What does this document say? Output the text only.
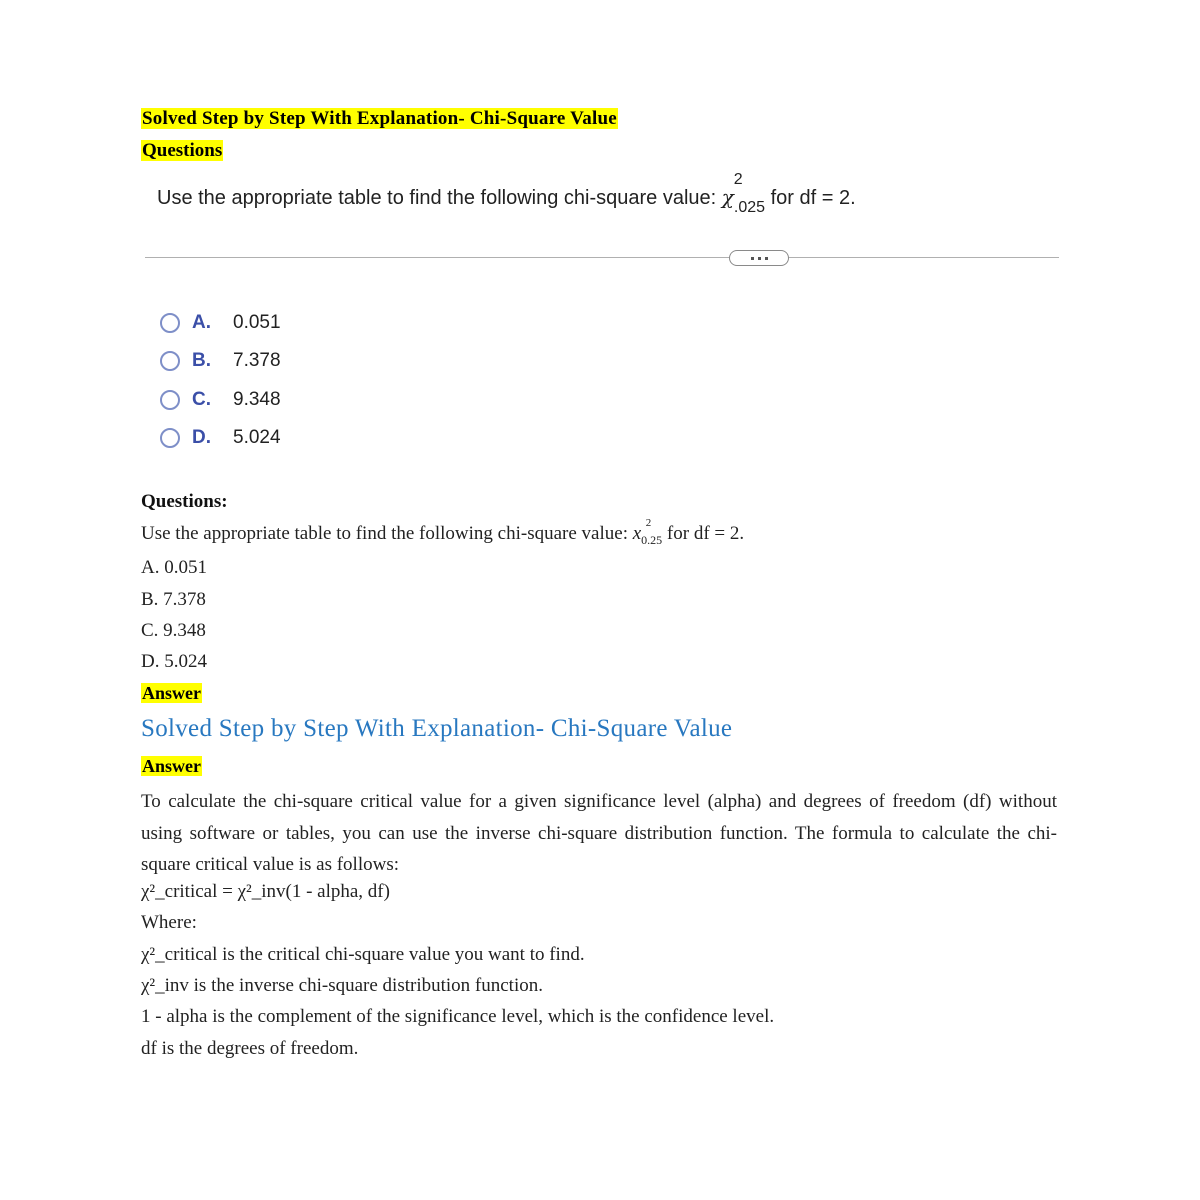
Solved Step by Step With Explanation- Chi-Square Value
Questions
Use the appropriate table to find the following chi-square value: χ
2
$_{.025}$ for df = 2.
A.	0.051
B.	7.378
C.	9.348
D.	5.024
Questions:
Use the appropriate table to find the following chi-square value: x 2
$_{0.25}$ for df = 2.
A. 0.051
B. 7.378
C. 9.348
D. 5.024
Answer
Solved Step by Step With Explanation- Chi-Square Value
Answer
To calculate the chi-square critical value for a given significance level (alpha) and degrees of freedom (df) without using software or tables, you can use the inverse chi-square distribution function. The formula to calculate the chi-square critical value is as follows:
χ²_critical = χ²_inv(1 - alpha, df)
Where:
χ²_critical is the critical chi-square value you want to find.
χ²_inv is the inverse chi-square distribution function.
1 - alpha is the complement of the significance level, which is the confidence level.
df is the degrees of freedom.
